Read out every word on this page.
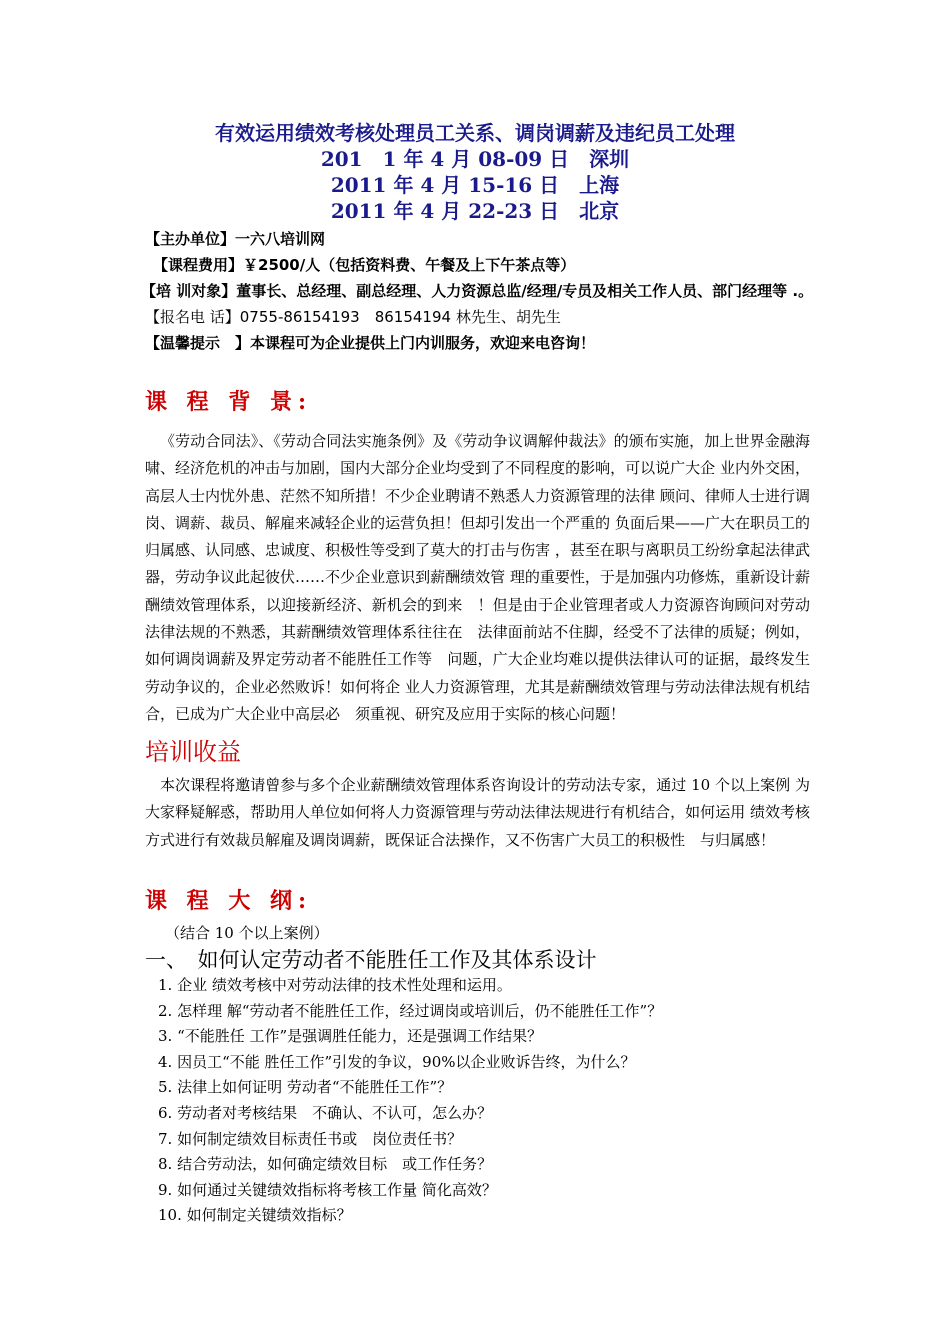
有效运用绩效考核处理员工关系、调岗调薪及违纪员工处理
201　1 年 4 月 08-09 日　深圳
2011 年 4 月 15-16 日　上海
2011 年 4 月 22-23 日　北京

【主办单位】一六八培训网

【课程费用】￥2500/人（包括资料费、午餐及上下午茶点等）

【培 训对象】董事长、总经理、副总经理、人力资源总监/经理/专员及相关工作人员、部门经理等 .。

【报名电 话】0755-86154193　86154194 林先生、胡先生

【温馨提示　】本课程可为企业提供上门内训服务，欢迎来电咨询！

课 程 背 景:

《劳动合同法》、《劳动合同法实施条例》及《劳动争议调解仲裁法》的颁布实施，加上世界金融海啸、经济危机的冲击与加剧，国内大部分企业均受到了不同程度的影响，可以说广大企 业内外交困，高层人士内忧外患、茫然不知所措！不少企业聘请不熟悉人力资源管理的法律 顾问、律师人士进行调岗、调薪、裁员、解雇来减轻企业的运营负担！但却引发出一个严重的 负面后果——广大在职员工的归属感、认同感、忠诚度、积极性等受到了莫大的打击与伤害 ，甚至在职与离职员工纷纷拿起法律武器，劳动争议此起彼伏……不少企业意识到薪酬绩效管 理的重要性，于是加强内功修炼，重新设计薪酬绩效管理体系，以迎接新经济、新机会的到来　！但是由于企业管理者或人力资源咨询顾问对劳动法律法规的不熟悉，其薪酬绩效管理体系往往在　法律面前站不住脚，经受不了法律的质疑；例如，如何调岗调薪及界定劳动者不能胜任工作等　问题，广大企业均难以提供法律认可的证据，最终发生劳动争议的，企业必然败诉！如何将企 业人力资源管理，尤其是薪酬绩效管理与劳动法律法规有机结合，已成为广大企业中高层必　须重视、研究及应用于实际的核心问题！

培训收益

本次课程将邀请曾参与多个企业薪酬绩效管理体系咨询设计的劳动法专家，通过 10 个以上案例 为大家释疑解惑，帮助用人单位如何将人力资源管理与劳动法律法规进行有机结合，如何运用 绩效考核方式进行有效裁员解雇及调岗调薪，既保证合法操作，又不伤害广大员工的积极性　与归属感！

课 程 大 纲:
（结合 10 个以上案例）
一、　如何认定劳动者不能胜任工作及其体系设计
1. 企业 绩效考核中对劳动法律的技术性处理和运用。
2. 怎样理 解“劳动者不能胜任工作，经过调岗或培训后，仍不能胜任工作”？
3. “不能胜任 工作”是强调胜任能力，还是强调工作结果？
4. 因员工“不能 胜任工作”引发的争议，90%以企业败诉告终，为什么？
5. 法律上如何证明 劳动者“不能胜任工作”？
6. 劳动者对考核结果　不确认、不认可，怎么办？
7. 如何制定绩效目标责任书或　岗位责任书？
8. 结合劳动法，如何确定绩效目标　或工作任务？
9. 如何通过关键绩效指标将考核工作量 简化高效？
10. 如何制定关键绩效指标？
